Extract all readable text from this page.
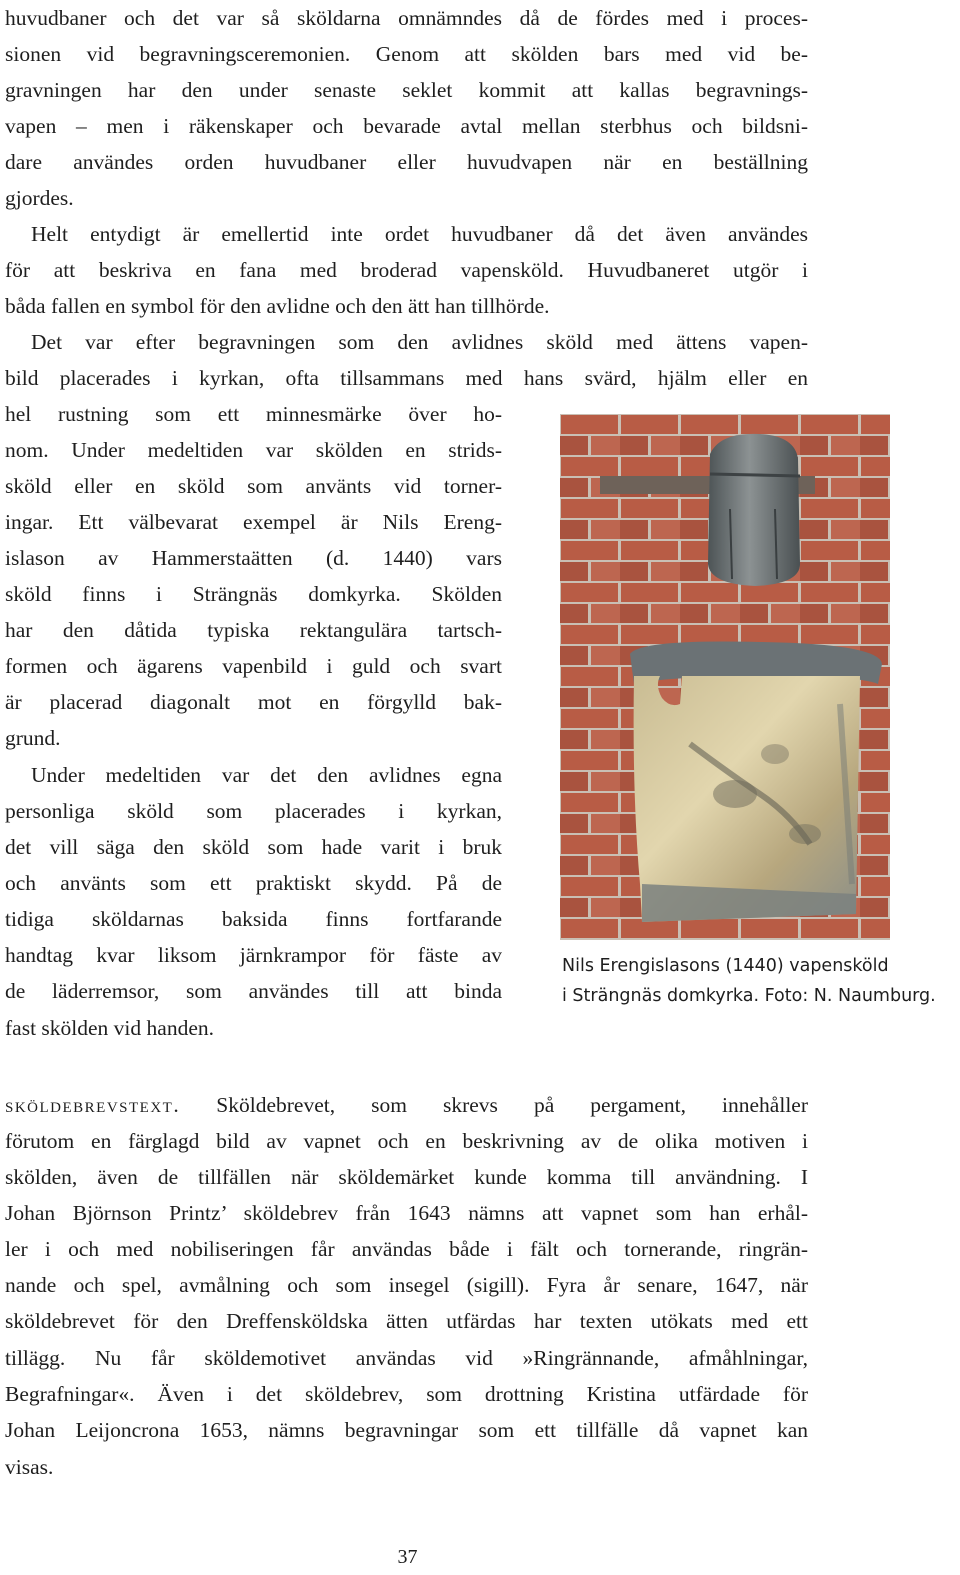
huvudbaner och det var så sköldarna omnämndes då de fördes med i proces-

sionen vid begravningsceremonien. Genom att skölden bars med vid be-

gravningen har den under senaste seklet kommit att kallas begravnings-

vapen – men i räkenskaper och bevarade avtal mellan sterbhus och bildsni-

dare användes orden huvudbaner eller huvudvapen när en beställning

gjordes.

Helt entydigt är emellertid inte ordet huvudbaner då det även användes

för att beskriva en fana med broderad vapensköld. Huvudbaneret utgör i

båda fallen en symbol för den avlidne och den ätt han tillhörde.

Det var efter begravningen som den avlidnes sköld med ättens vapen-

bild placerades i kyrkan, ofta tillsammans med hans svärd, hjälm eller en

hel rustning som ett minnesmärke över ho-

nom. Under medeltiden var skölden en strids-

sköld eller en sköld som använts vid torner-

ingar. Ett välbevarat exempel är Nils Ereng-

islason av Hammerstaätten (d. 1440) vars

sköld finns i Strängnäs domkyrka. Skölden

har den dåtida typiska rektangulära tartsch-

formen och ägarens vapenbild i guld och svart

är placerad diagonalt mot en förgylld bak-

grund.

Under medeltiden var det den avlidnes egna

personliga sköld som placerades i kyrkan,

det vill säga den sköld som hade varit i bruk

och använts som ett praktiskt skydd. På de

tidiga sköldarnas baksida finns fortfarande

handtag kvar liksom järnkrampor för fäste av

de läderremsor, som användes till att binda

fast skölden vid handen.

Nils Erengislasons (1440) vapensköld
i Strängnäs domkyrka. Foto: N. Naumburg.

sköldebrevstext. Sköldebrevet, som skrevs på pergament, innehåller

förutom en färglagd bild av vapnet och en beskrivning av de olika motiven i

skölden, även de tillfällen när sköldemärket kunde komma till användning. I

Johan Björnson Printz’ sköldebrev från 1643 nämns att vapnet som han erhål-

ler i och med nobiliseringen får användas både i fält och tornerande, ringrän-

nande och spel, avmålning och som insegel (sigill). Fyra år senare, 1647, när

sköldebrevet för den Dreffensköldska ätten utfärdas har texten utökats med ett

tillägg. Nu får sköldemotivet användas vid »Ringrännande, afmåhlningar,

Begrafningar«. Även i det sköldebrev, som drottning Kristina utfärdade för

Johan Leijoncrona 1653, nämns begravningar som ett tillfälle då vapnet kan

visas.

37
